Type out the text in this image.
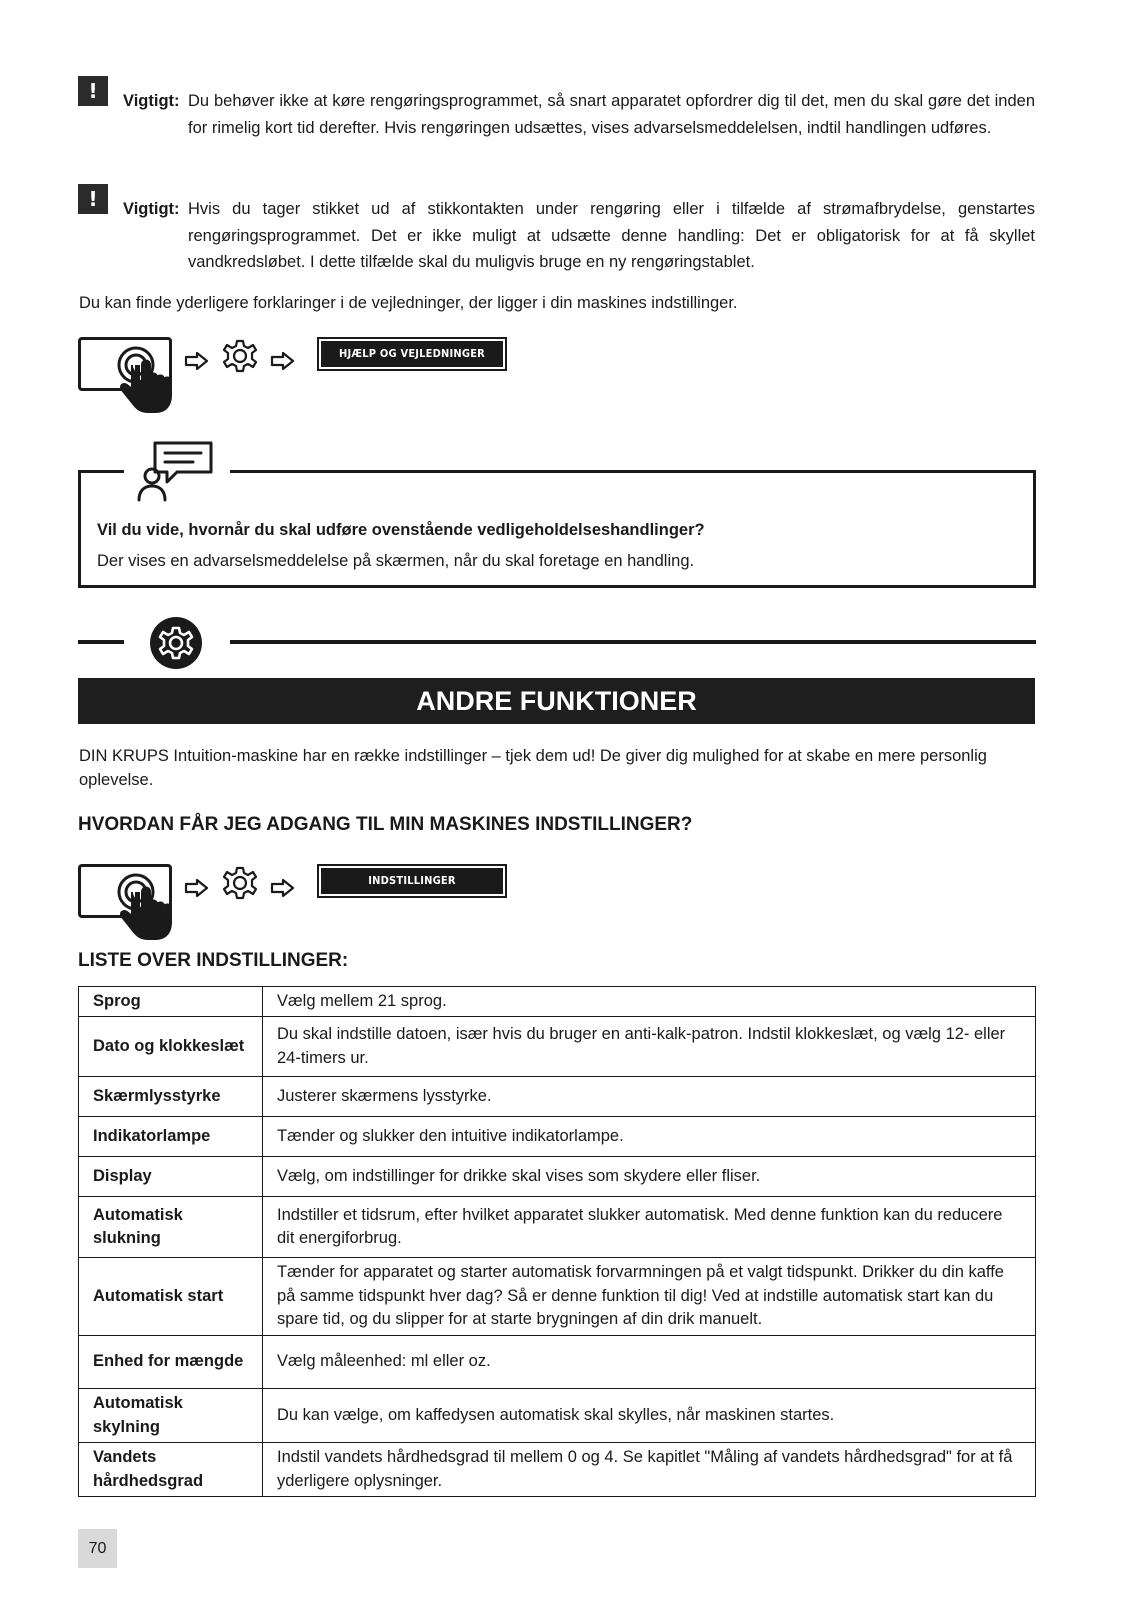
!	Vigtigt: Du behøver ikke at køre rengøringsprogrammet, så snart apparatet opfordrer dig til det, men du skal gøre det inden for rimelig kort tid derefter. Hvis rengøringen udsættes, vises advarselsmeddelelsen, indtil handlingen udføres.
!	Vigtigt: Hvis du tager stikket ud af stikkontakten under rengøring eller i tilfælde af strømafbrydelse, genstartes rengøringsprogrammet. Det er ikke muligt at udsætte denne handling: Det er obligatorisk for at få skyllet vandkredsløbet. I dette tilfælde skal du muligvis bruge en ny rengøringstablet.
Du kan finde yderligere forklaringer i de vejledninger, der ligger i din maskines indstillinger.
HJÆLP OG VEJLEDNINGER
Vil du vide, hvornår du skal udføre ovenstående vedligeholdelseshandlinger?
Der vises en advarselsmeddelelse på skærmen, når du skal foretage en handling.
ANDRE FUNKTIONER
DIN KRUPS Intuition-maskine har en række indstillinger – tjek dem ud! De giver dig mulighed for at skabe en mere personlig oplevelse.
HVORDAN FÅR JEG ADGANG TIL MIN MASKINES INDSTILLINGER?
INDSTILLINGER
LISTE OVER INDSTILLINGER:
Sprog	Vælg mellem 21 sprog.
Dato og klokkeslæt	Du skal indstille datoen, især hvis du bruger en anti-kalk-patron. Indstil klokkeslæt, og vælg 12- eller 24-timers ur.
Skærmlysstyrke	Justerer skærmens lysstyrke.
Indikatorlampe	Tænder og slukker den intuitive indikatorlampe.
Display	Vælg, om indstillinger for drikke skal vises som skydere eller fliser.
Automatisk slukning	Indstiller et tidsrum, efter hvilket apparatet slukker automatisk. Med denne funktion kan du reducere dit energiforbrug.
Automatisk start	Tænder for apparatet og starter automatisk forvarmningen på et valgt tidspunkt. Drikker du din kaffe på samme tidspunkt hver dag? Så er denne funktion til dig! Ved at indstille automatisk start kan du spare tid, og du slipper for at starte brygningen af din drik manuelt.
Enhed for mængde	Vælg måleenhed: ml eller oz.
Automatisk skylning	Du kan vælge, om kaffedysen automatisk skal skylles, når maskinen startes.
Vandets hårdhedsgrad	Indstil vandets hårdhedsgrad til mellem 0 og 4. Se kapitlet "Måling af vandets hårdhedsgrad" for at få yderligere oplysninger.
70
